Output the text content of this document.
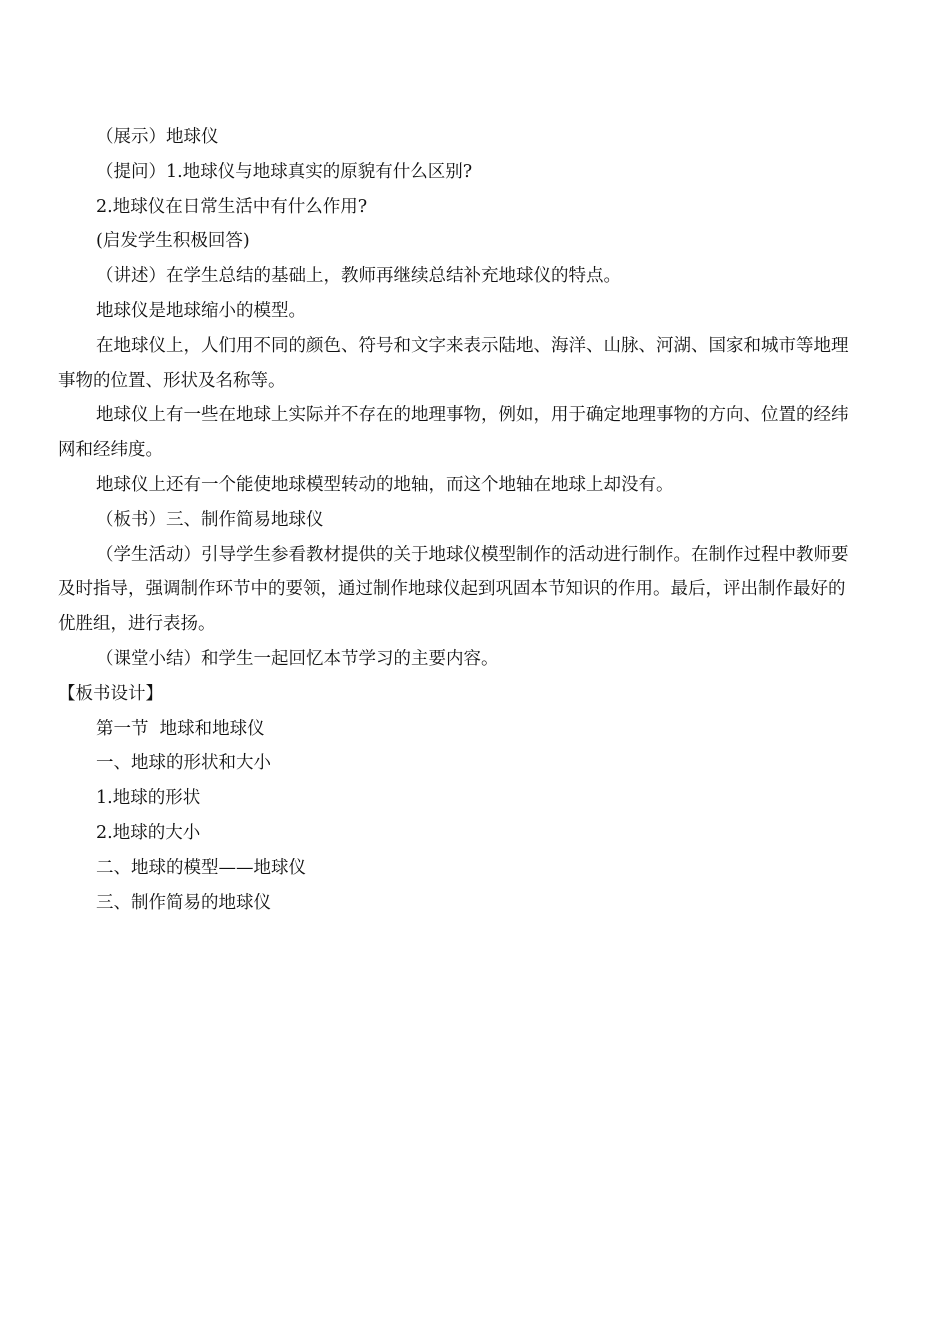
（展示）地球仪

（提问）1.地球仪与地球真实的原貌有什么区别?

2.地球仪在日常生活中有什么作用?

(启发学生积极回答)

（讲述）在学生总结的基础上，教师再继续总结补充地球仪的特点。

地球仪是地球缩小的模型。

在地球仪上，人们用不同的颜色、符号和文字来表示陆地、海洋、山脉、河湖、国家和城市等地理事物的位置、形状及名称等。

地球仪上有一些在地球上实际并不存在的地理事物，例如，用于确定地理事物的方向、位置的经纬网和经纬度。

地球仪上还有一个能使地球模型转动的地轴，而这个地轴在地球上却没有。

（板书）三、制作简易地球仪

（学生活动）引导学生参看教材提供的关于地球仪模型制作的活动进行制作。在制作过程中教师要及时指导，强调制作环节中的要领，通过制作地球仪起到巩固本节知识的作用。最后，评出制作最好的优胜组，进行表扬。

（课堂小结）和学生一起回忆本节学习的主要内容。

【板书设计】

第一节  地球和地球仪

一、地球的形状和大小

1.地球的形状

2.地球的大小

二、地球的模型——地球仪

三、制作简易的地球仪
